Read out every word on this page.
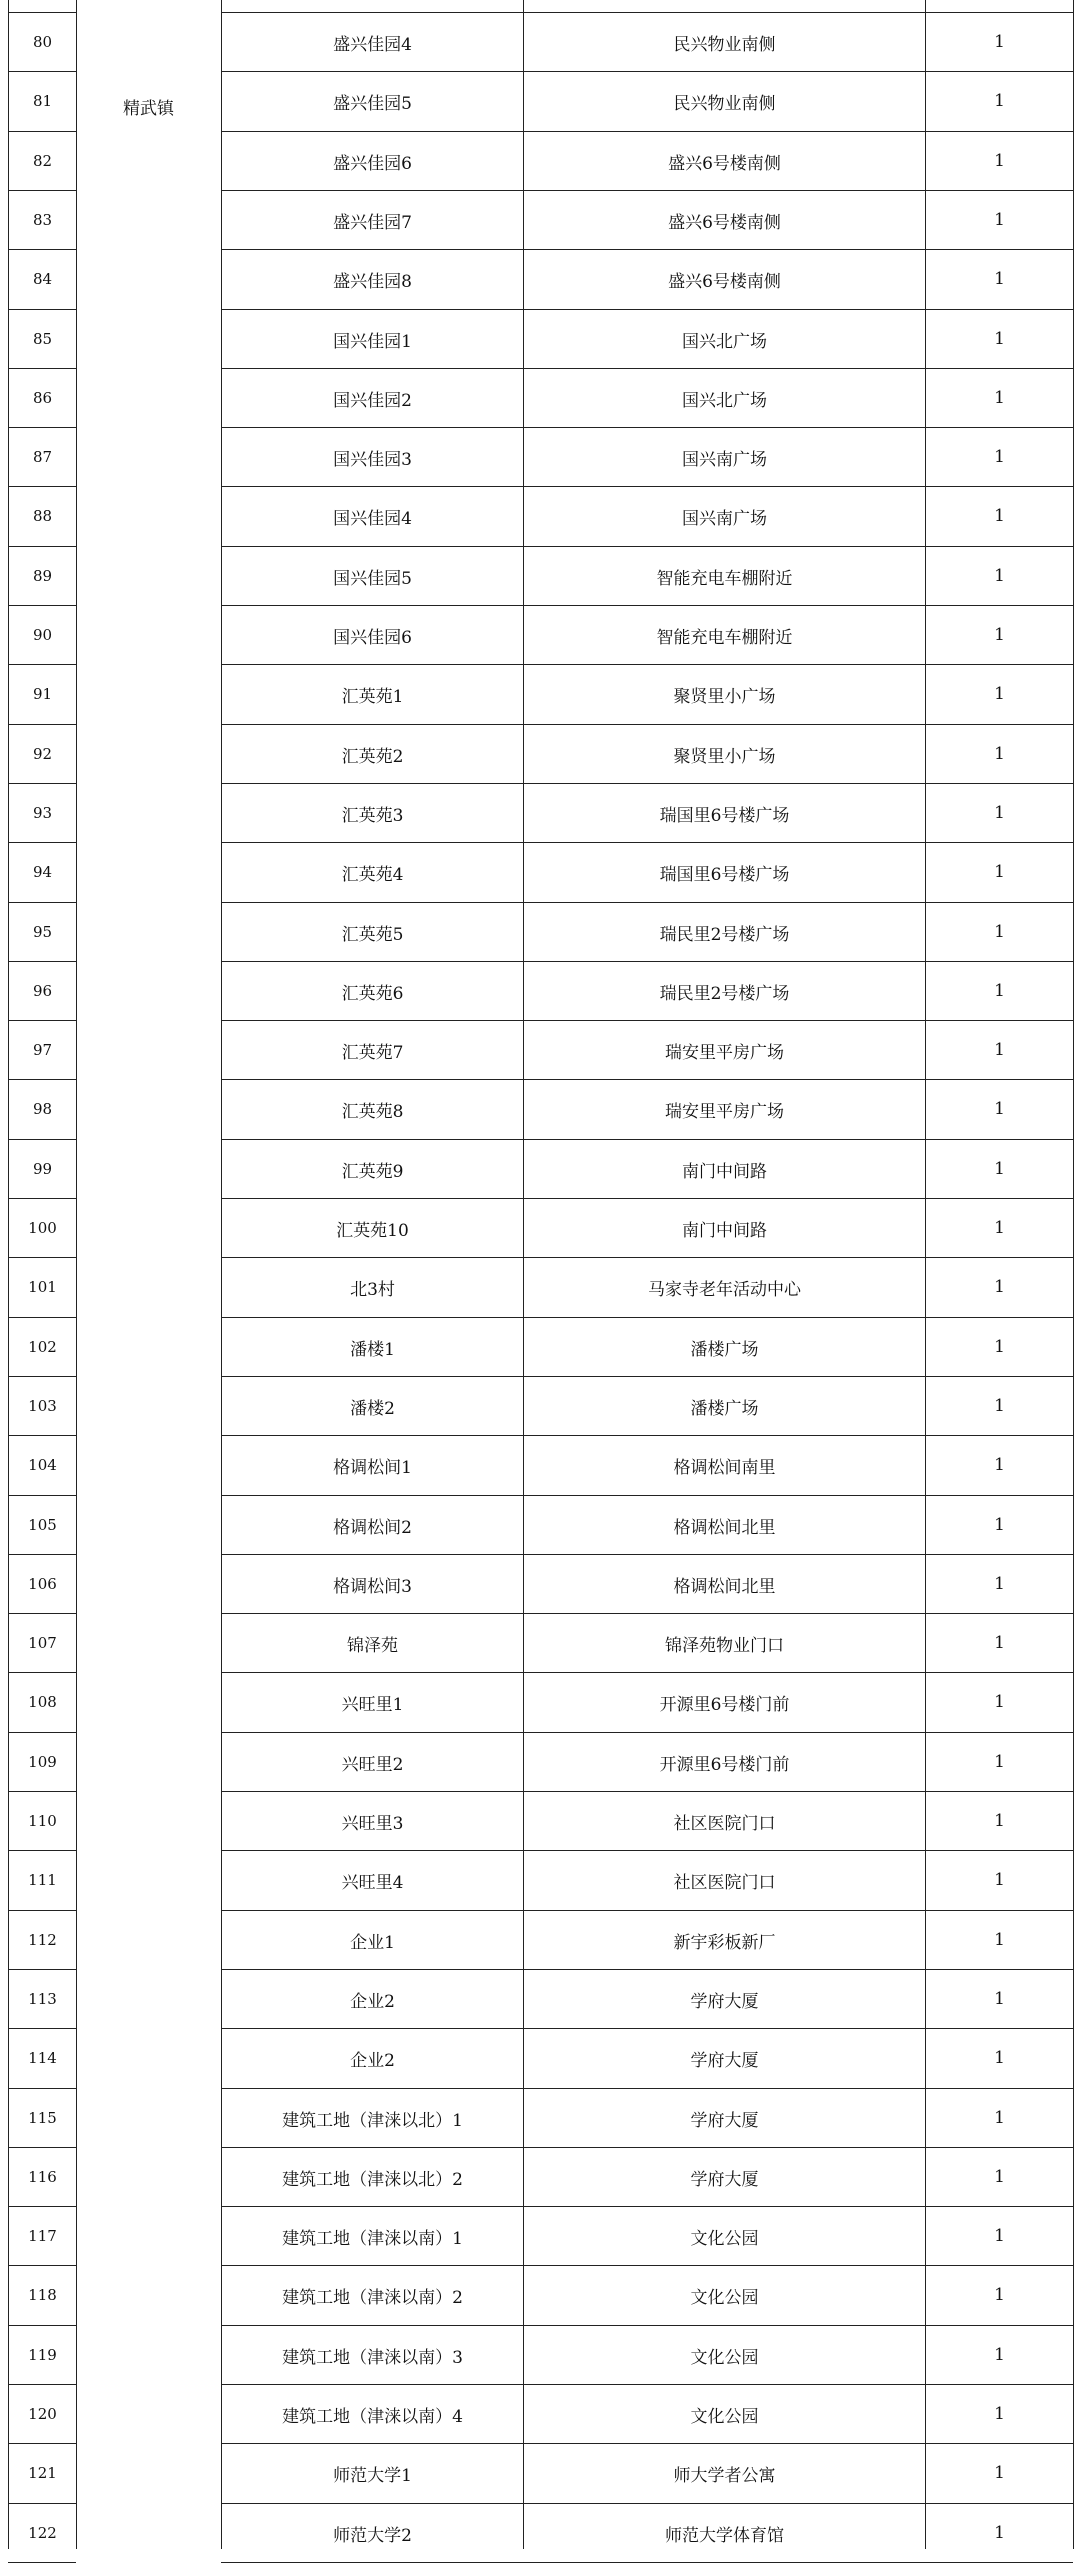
精武镇
80	盛兴佳园4	民兴物业南侧	1
81	盛兴佳园5	民兴物业南侧	1
82	盛兴佳园6	盛兴6号楼南侧	1
83	盛兴佳园7	盛兴6号楼南侧	1
84	盛兴佳园8	盛兴6号楼南侧	1
85	国兴佳园1	国兴北广场	1
86	国兴佳园2	国兴北广场	1
87	国兴佳园3	国兴南广场	1
88	国兴佳园4	国兴南广场	1
89	国兴佳园5	智能充电车棚附近	1
90	国兴佳园6	智能充电车棚附近	1
91	汇英苑1	聚贤里小广场	1
92	汇英苑2	聚贤里小广场	1
93	汇英苑3	瑞国里6号楼广场	1
94	汇英苑4	瑞国里6号楼广场	1
95	汇英苑5	瑞民里2号楼广场	1
96	汇英苑6	瑞民里2号楼广场	1
97	汇英苑7	瑞安里平房广场	1
98	汇英苑8	瑞安里平房广场	1
99	汇英苑9	南门中间路	1
100	汇英苑10	南门中间路	1
101	北3村	马家寺老年活动中心	1
102	潘楼1	潘楼广场	1
103	潘楼2	潘楼广场	1
104	格调松间1	格调松间南里	1
105	格调松间2	格调松间北里	1
106	格调松间3	格调松间北里	1
107	锦泽苑	锦泽苑物业门口	1
108	兴旺里1	开源里6号楼门前	1
109	兴旺里2	开源里6号楼门前	1
110	兴旺里3	社区医院门口	1
111	兴旺里4	社区医院门口	1
112	企业1	新宇彩板新厂	1
113	企业2	学府大厦	1
114	企业2	学府大厦	1
115	建筑工地（津涞以北）1	学府大厦	1
116	建筑工地（津涞以北）2	学府大厦	1
117	建筑工地（津涞以南）1	文化公园	1
118	建筑工地（津涞以南）2	文化公园	1
119	建筑工地（津涞以南）3	文化公园	1
120	建筑工地（津涞以南）4	文化公园	1
121	师范大学1	师大学者公寓	1
122	师范大学2	师范大学体育馆	1
